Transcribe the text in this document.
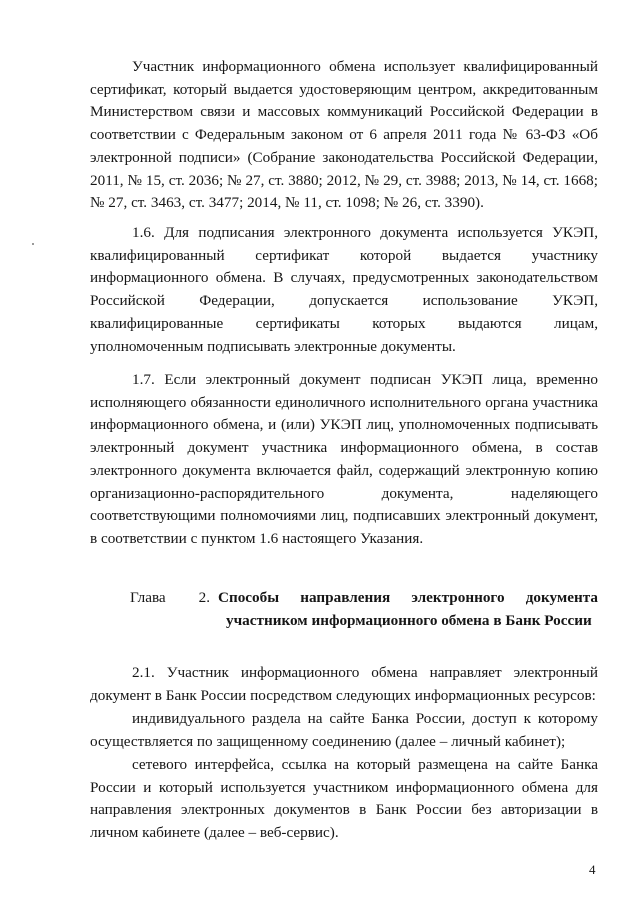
Участник информационного обмена использует квалифицированный сертификат, который выдается удостоверяющим центром, аккредитованным Министерством связи и массовых коммуникаций Российской Федерации в соответствии с Федеральным законом от 6 апреля 2011 года № 63-ФЗ «Об электронной подписи» (Собрание законодательства Российской Федерации, 2011, № 15, ст. 2036; № 27, ст. 3880; 2012, № 29, ст. 3988; 2013, № 14, ст. 1668; № 27, ст. 3463, ст. 3477; 2014, № 11, ст. 1098; № 26, ст. 3390).

1.6. Для подписания электронного документа используется УКЭП, квалифицированный сертификат которой выдается участнику информационного обмена. В случаях, предусмотренных законодательством Российской Федерации, допускается использование УКЭП, квалифицированные сертификаты которых выдаются лицам, уполномоченным подписывать электронные документы.

1.7. Если электронный документ подписан УКЭП лица, временно исполняющего обязанности единоличного исполнительного органа участника информационного обмена, и (или) УКЭП лиц, уполномоченных подписывать электронный документ участника информационного обмена, в состав электронного документа включается файл, содержащий электронную копию организационно-распорядительного документа, наделяющего соответствующими полномочиями лиц, подписавших электронный документ, в соответствии с пунктом 1.6 настоящего Указания.

Глава 2. Способы направления электронного документа
участником информационного обмена в Банк России

2.1. Участник информационного обмена направляет электронный документ в Банк России посредством следующих информационных ресурсов:

индивидуального раздела на сайте Банка России, доступ к которому осуществляется по защищенному соединению (далее – личный кабинет);

сетевого интерфейса, ссылка на который размещена на сайте Банка России и который используется участником информационного обмена для направления электронных документов в Банк России без авторизации в личном кабинете (далее – веб-сервис).

4
